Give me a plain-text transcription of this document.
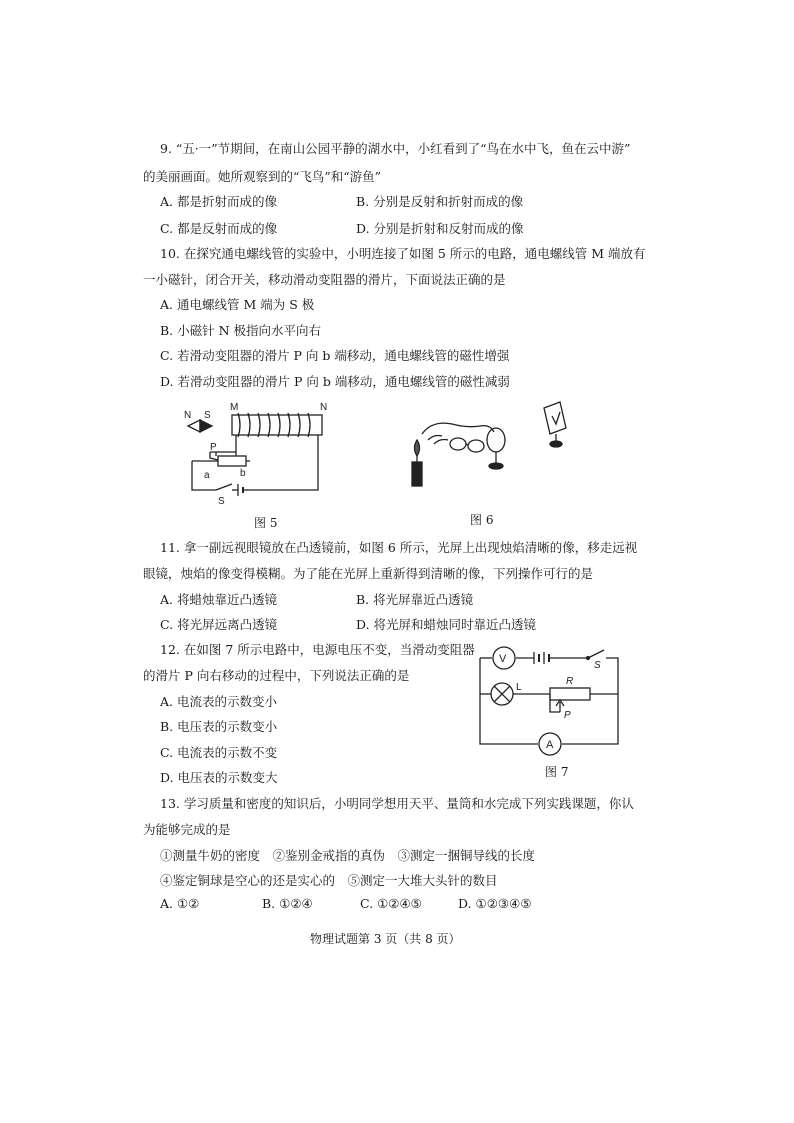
9. “五·一”节期间，在南山公园平静的湖水中，小红看到了“鸟在水中飞，鱼在云中游”
的美丽画面。她所观察到的“飞鸟”和“游鱼”
A. 都是折射而成的像	B. 分别是反射和折射而成的像
C. 都是反射而成的像	D. 分别是折射和反射而成的像
10. 在探究通电螺线管的实验中，小明连接了如图 5 所示的电路，通电螺线管 M 端放有
一小磁针，闭合开关，移动滑动变阻器的滑片，下面说法正确的是
A. 通电螺线管 M 端为 S 极
B. 小磁针 N 极指向水平向右
C. 若滑动变阻器的滑片 P 向 b 端移动，通电螺线管的磁性增强
D. 若滑动变阻器的滑片 P 向 b 端移动，通电螺线管的磁性减弱
N S
M	N
P
a	b
S
图 5	图 6
11. 拿一副远视眼镜放在凸透镜前，如图 6 所示，光屏上出现烛焰清晰的像，移走远视
眼镜，烛焰的像变得模糊。为了能在光屏上重新得到清晰的像，下列操作可行的是
A. 将蜡烛靠近凸透镜	B. 将光屏靠近凸透镜
C. 将光屏远离凸透镜	D. 将光屏和蜡烛同时靠近凸透镜
12. 在如图 7 所示电路中，电源电压不变，当滑动变阻器
的滑片 P 向右移动的过程中，下列说法正确的是
A. 电流表的示数变小
B. 电压表的示数变小
C. 电流表的示数不变
D. 电压表的示数变大
V
S
L
R
P
A
图 7
13. 学习质量和密度的知识后，小明同学想用天平、量筒和水完成下列实践课题，你认
为能够完成的是
①测量牛奶的密度　②鉴别金戒指的真伪　③测定一捆铜导线的长度
④鉴定铜球是空心的还是实心的　⑤测定一大堆大头针的数目
A. ①②	B. ①②④	C. ①②④⑤	D. ①②③④⑤
物理试题第 3 页（共 8 页）
